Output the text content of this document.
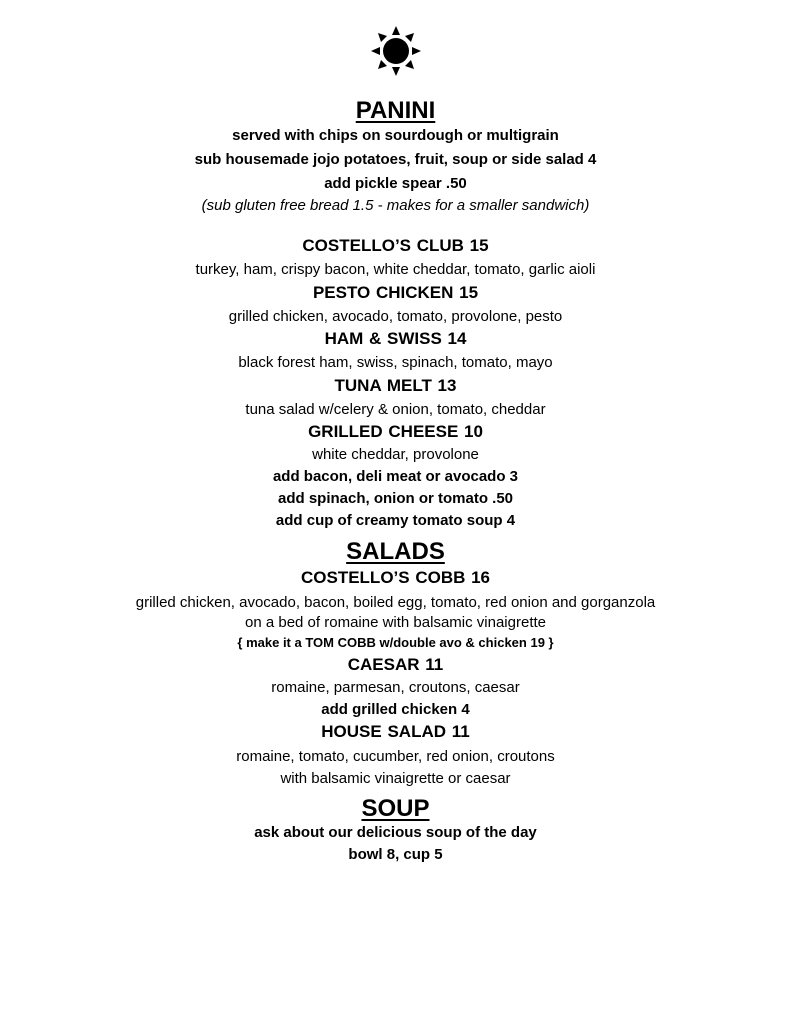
PANINI
served with chips on sourdough or multigrain
sub housemade jojo potatoes, fruit, soup or side salad 4
add pickle spear .50
(sub gluten free bread 1.5 - makes for a smaller sandwich)
COSTELLO’S CLUB 15
turkey, ham, crispy bacon, white cheddar, tomato, garlic aioli
PESTO CHICKEN 15
grilled chicken, avocado, tomato, provolone, pesto
HAM & SWISS 14
black forest ham, swiss, spinach, tomato, mayo
TUNA MELT 13
tuna salad w/celery & onion, tomato, cheddar
GRILLED CHEESE 10
white cheddar, provolone
add bacon, deli meat or avocado 3
add spinach, onion or tomato .50
add cup of creamy tomato soup 4
SALADS
COSTELLO’S COBB 16
grilled chicken, avocado, bacon, boiled egg, tomato, red onion and gorganzola
on a bed of romaine with balsamic vinaigrette
{ make it a TOM COBB w/double avo & chicken 19 }
CAESAR 11
romaine, parmesan, croutons, caesar
add grilled chicken 4
HOUSE SALAD 11
romaine, tomato, cucumber, red onion, croutons
with balsamic vinaigrette or caesar
SOUP
ask about our delicious soup of the day
bowl 8, cup 5
